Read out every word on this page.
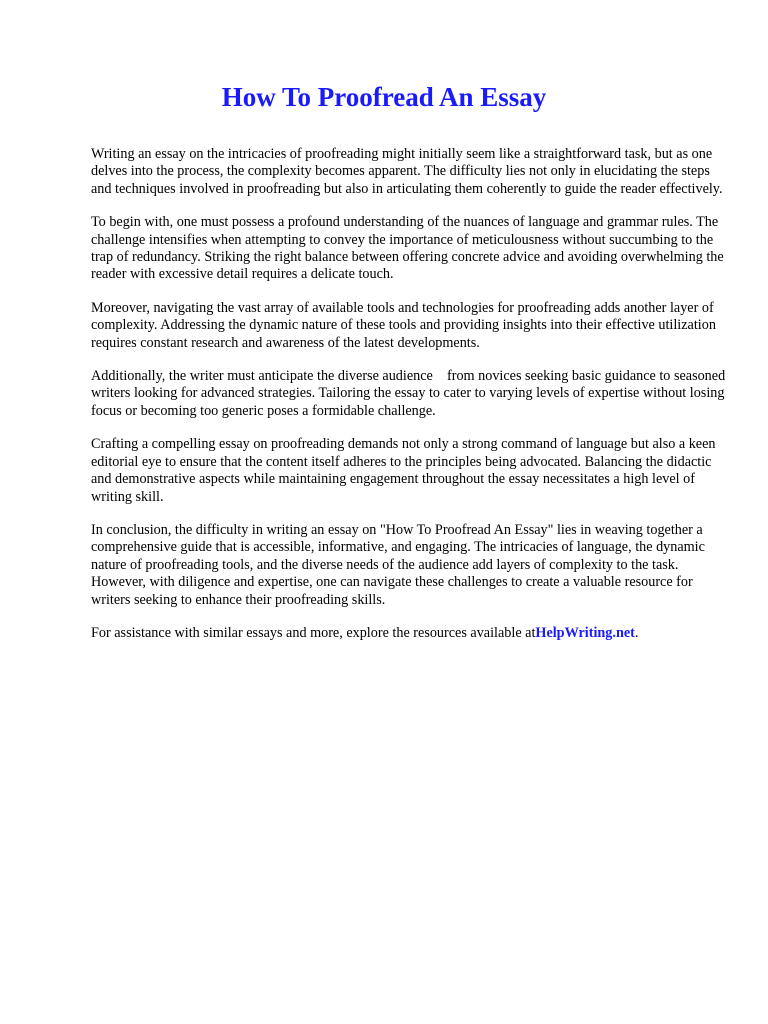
How To Proofread An Essay

Writing an essay on the intricacies of proofreading might initially seem like a straightforward task, but as one delves into the process, the complexity becomes apparent. The difficulty lies not only in elucidating the steps and techniques involved in proofreading but also in articulating them coherently to guide the reader effectively.

To begin with, one must possess a profound understanding of the nuances of language and grammar rules. The challenge intensifies when attempting to convey the importance of meticulousness without succumbing to the trap of redundancy. Striking the right balance between offering concrete advice and avoiding overwhelming the reader with excessive detail requires a delicate touch.

Moreover, navigating the vast array of available tools and technologies for proofreading adds another layer of complexity. Addressing the dynamic nature of these tools and providing insights into their effective utilization requires constant research and awareness of the latest developments.

Additionally, the writer must anticipate the diverse audience    from novices seeking basic guidance to seasoned writers looking for advanced strategies. Tailoring the essay to cater to varying levels of expertise without losing focus or becoming too generic poses a formidable challenge.

Crafting a compelling essay on proofreading demands not only a strong command of language but also a keen editorial eye to ensure that the content itself adheres to the principles being advocated. Balancing the didactic and demonstrative aspects while maintaining engagement throughout the essay necessitates a high level of writing skill.

In conclusion, the difficulty in writing an essay on "How To Proofread An Essay" lies in weaving together a comprehensive guide that is accessible, informative, and engaging. The intricacies of language, the dynamic nature of proofreading tools, and the diverse needs of the audience add layers of complexity to the task. However, with diligence and expertise, one can navigate these challenges to create a valuable resource for writers seeking to enhance their proofreading skills.

For assistance with similar essays and more, explore the resources available atHelpWriting.net.
